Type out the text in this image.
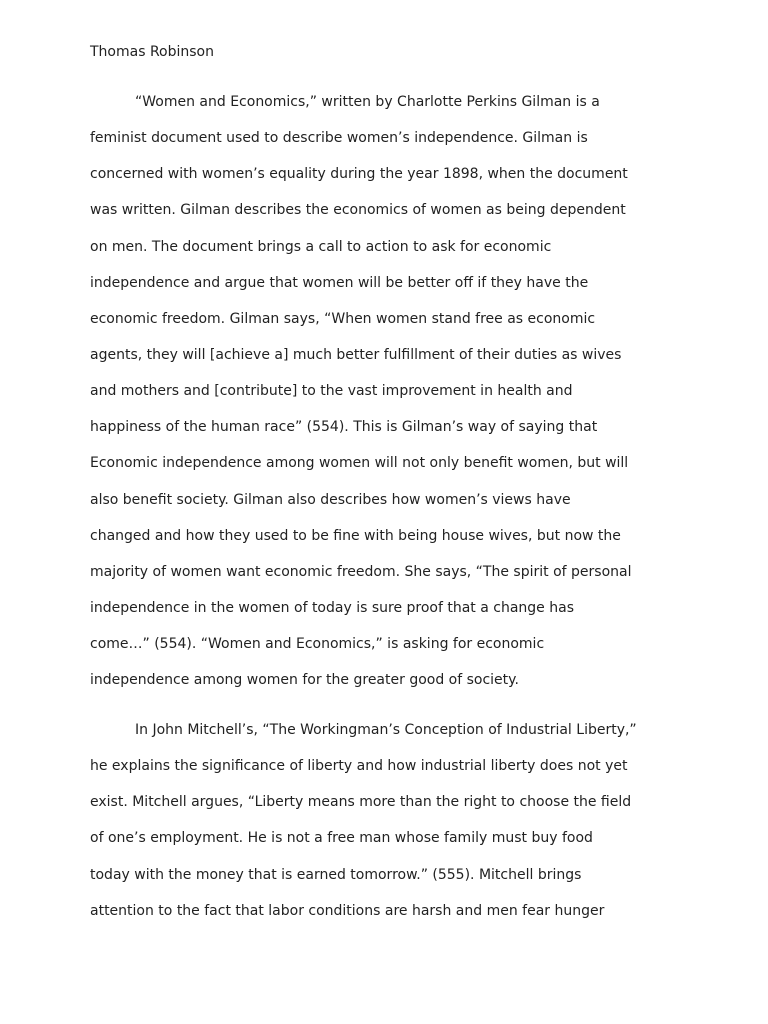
Thomas Robinson

“Women and Economics,” written by Charlotte Perkins Gilman is a
feminist document used to describe women’s independence. Gilman is
concerned with women’s equality during the year 1898, when the document
was written. Gilman describes the economics of women as being dependent
on men. The document brings a call to action to ask for economic
independence and argue that women will be better off if they have the
economic freedom. Gilman says, “When women stand free as economic
agents, they will [achieve a] much better fulfillment of their duties as wives
and mothers and [contribute] to the vast improvement in health and
happiness of the human race” (554). This is Gilman’s way of saying that
Economic independence among women will not only benefit women, but will
also benefit society. Gilman also describes how women’s views have
changed and how they used to be fine with being house wives, but now the
majority of women want economic freedom. She says, “The spirit of personal
independence in the women of today is sure proof that a change has
come…” (554). “Women and Economics,” is asking for economic
independence among women for the greater good of society.
In John Mitchell’s, “The Workingman’s Conception of Industrial Liberty,”
he explains the significance of liberty and how industrial liberty does not yet
exist. Mitchell argues, “Liberty means more than the right to choose the field
of one’s employment. He is not a free man whose family must buy food
today with the money that is earned tomorrow.” (555). Mitchell brings
attention to the fact that labor conditions are harsh and men fear hunger
